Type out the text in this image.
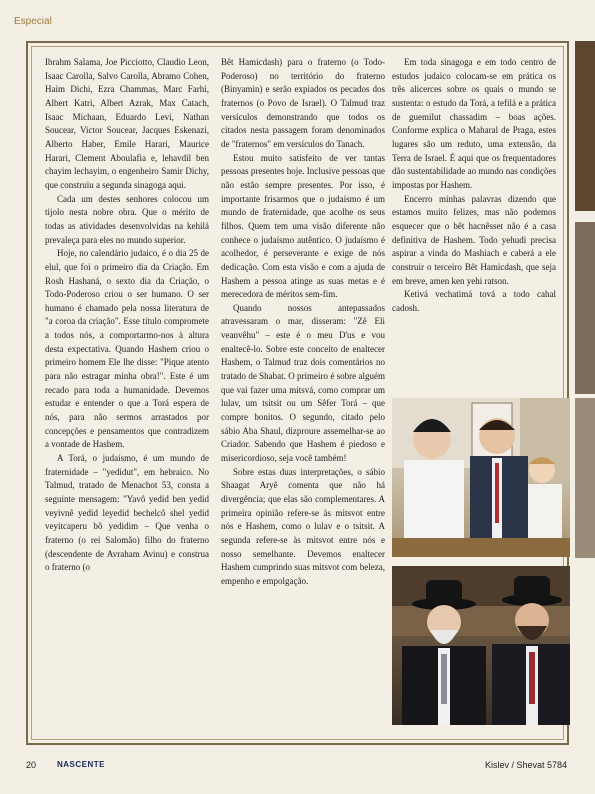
Especial

Ibrahm Salama, Joe Picciotto, Claudio Leon, Isaac Carolla, Salvo Carolla, Abramo Cohen, Haim Dichi, Ezra Chammas, Marc Farhi, Albert Katri, Albert Azrak, Max Catach, Isaac Michaan, Eduardo Levi, Nathan Soucear, Victor Soucear, Jacques Eskenazi, Alberto Haber, Emile Harari, Maurice Harari, Clement Aboulafia e, lehavdil ben chayim lechayim, o engenheiro Samir Dichy, que construiu a segunda sinagoga aqui.

Cada um destes senhores colocou um tijolo nesta nobre obra. Que o mérito de todas as atividades desenvolvidas na kehilá prevaleça para eles no mundo superior.

Hoje, no calendário judaico, é o dia 25 de elul, que foi o primeiro dia da Criação. Em Rosh Hashaná, o sexto dia da Criação, o Todo-Poderoso criou o ser humano. O ser humano é chamado pela nossa literatura de "a coroa da criação". Esse título compromete a todos nós, a comportarmo-nos à altura desta expectativa. Quando Hashem criou o primeiro homem Ele lhe disse: "Pique atento para não estragar minha obra!". Este é um recado para toda a humanidade. Devemos estudar e entender o que a Torá espera de nós, para não sermos arrastados por concepções e pensamentos que contradizem a vontade de Hashem.

A Torá, o judaísmo, é um mundo de fraternidade – "yedidut", em hebraico. No Talmud, tratado de Menachot 53, consta a seguinte mensagem: "Yavô yedid ben yedid veyivnê yedid leyedid bechelcô shel yedid veyitcaperu bô yedidim – Que venha o fraterno (o rei Salomão) filho do fraterno (descendente de Avraham Avinu) e construa o fraterno (o

Bêt Hamicdash) para o fraterno (o Todo-Poderoso) no território do fraterno (Binyamin) e serão expiados os pecados dos fraternos (o Povo de Israel). O Talmud traz versículos demonstrando que todos os citados nesta passagem foram denominados de "fraternos" em versículos do Tanach.

Estou muito satisfeito de ver tantas pessoas presentes hoje. Inclusive pessoas que não estão sempre presentes. Por isso, é importante frisarmos que o judaísmo é um mundo de fraternidade, que acolhe os seus filhos. Quem tem uma visão diferente não conhece o judaísmo autêntico. O judaísmo é acolhedor, é perseverante e exige de nós dedicação. Com esta visão e com a ajuda de Hashem a pessoa atinge as suas metas e é merecedora de méritos sem-fim.

Quando nossos antepassados atravessaram o mar, disseram: "Zê Eli veanvêhu" – este é o meu D'us e vou enaltecê-lo. Sobre este conceito de enaltecer Hashem, o Talmud traz dois comentários no tratado de Shabat. O primeiro é sobre alguém que vai fazer uma mitsvá, como comprar um lulav, um tsitsit ou um Sêfer Torá – que compre bonitos. O segundo, citado pelo sábio Aba Shaul, dizproure assemelhar-se ao Criador. Sabendo que Hashem é piedoso e misericordioso, seja você também!

Sobre estas duas interpretações, o sábio Shaagat Aryê comenta que não há divergência; que elas são complementares. A primeira opinião refere-se às mitsvot entre nós e Hashem, como o lulav e o tsitsit. A segunda refere-se às mitsvot entre nós e nosso semelhante. Devemos enaltecer Hashem cumprindo suas mitsvot com beleza, empenho e empolgação.

Em toda sinagoga e em todo centro de estudos judaico colocam-se em prática os três alicerces sobre os quais o mundo se sustenta: o estudo da Torá, a tefilá e a prática de guemilut chassadim – boas ações. Conforme explica o Maharal de Praga, estes lugares são um reduto, uma extensão, da Terra de Israel. É aqui que os frequentadores dão sustentabilidade ao mundo nas condições impostas por Hashem.

Encerro minhas palavras dizendo que estamos muito felizes, mas não podemos esquecer que o bêt hacnêsset não é a casa definitiva de Hashem. Todo yehudi precisa aspirar a vinda do Mashiach e caberá a ele construir o terceiro Bêt Hamicdash, que seja em breve, amen ken yehi ratson.

Ketivá vechatimá tová a todo cahal cadosh.

20	NASCENTE	Kislev / Shevat 5784
